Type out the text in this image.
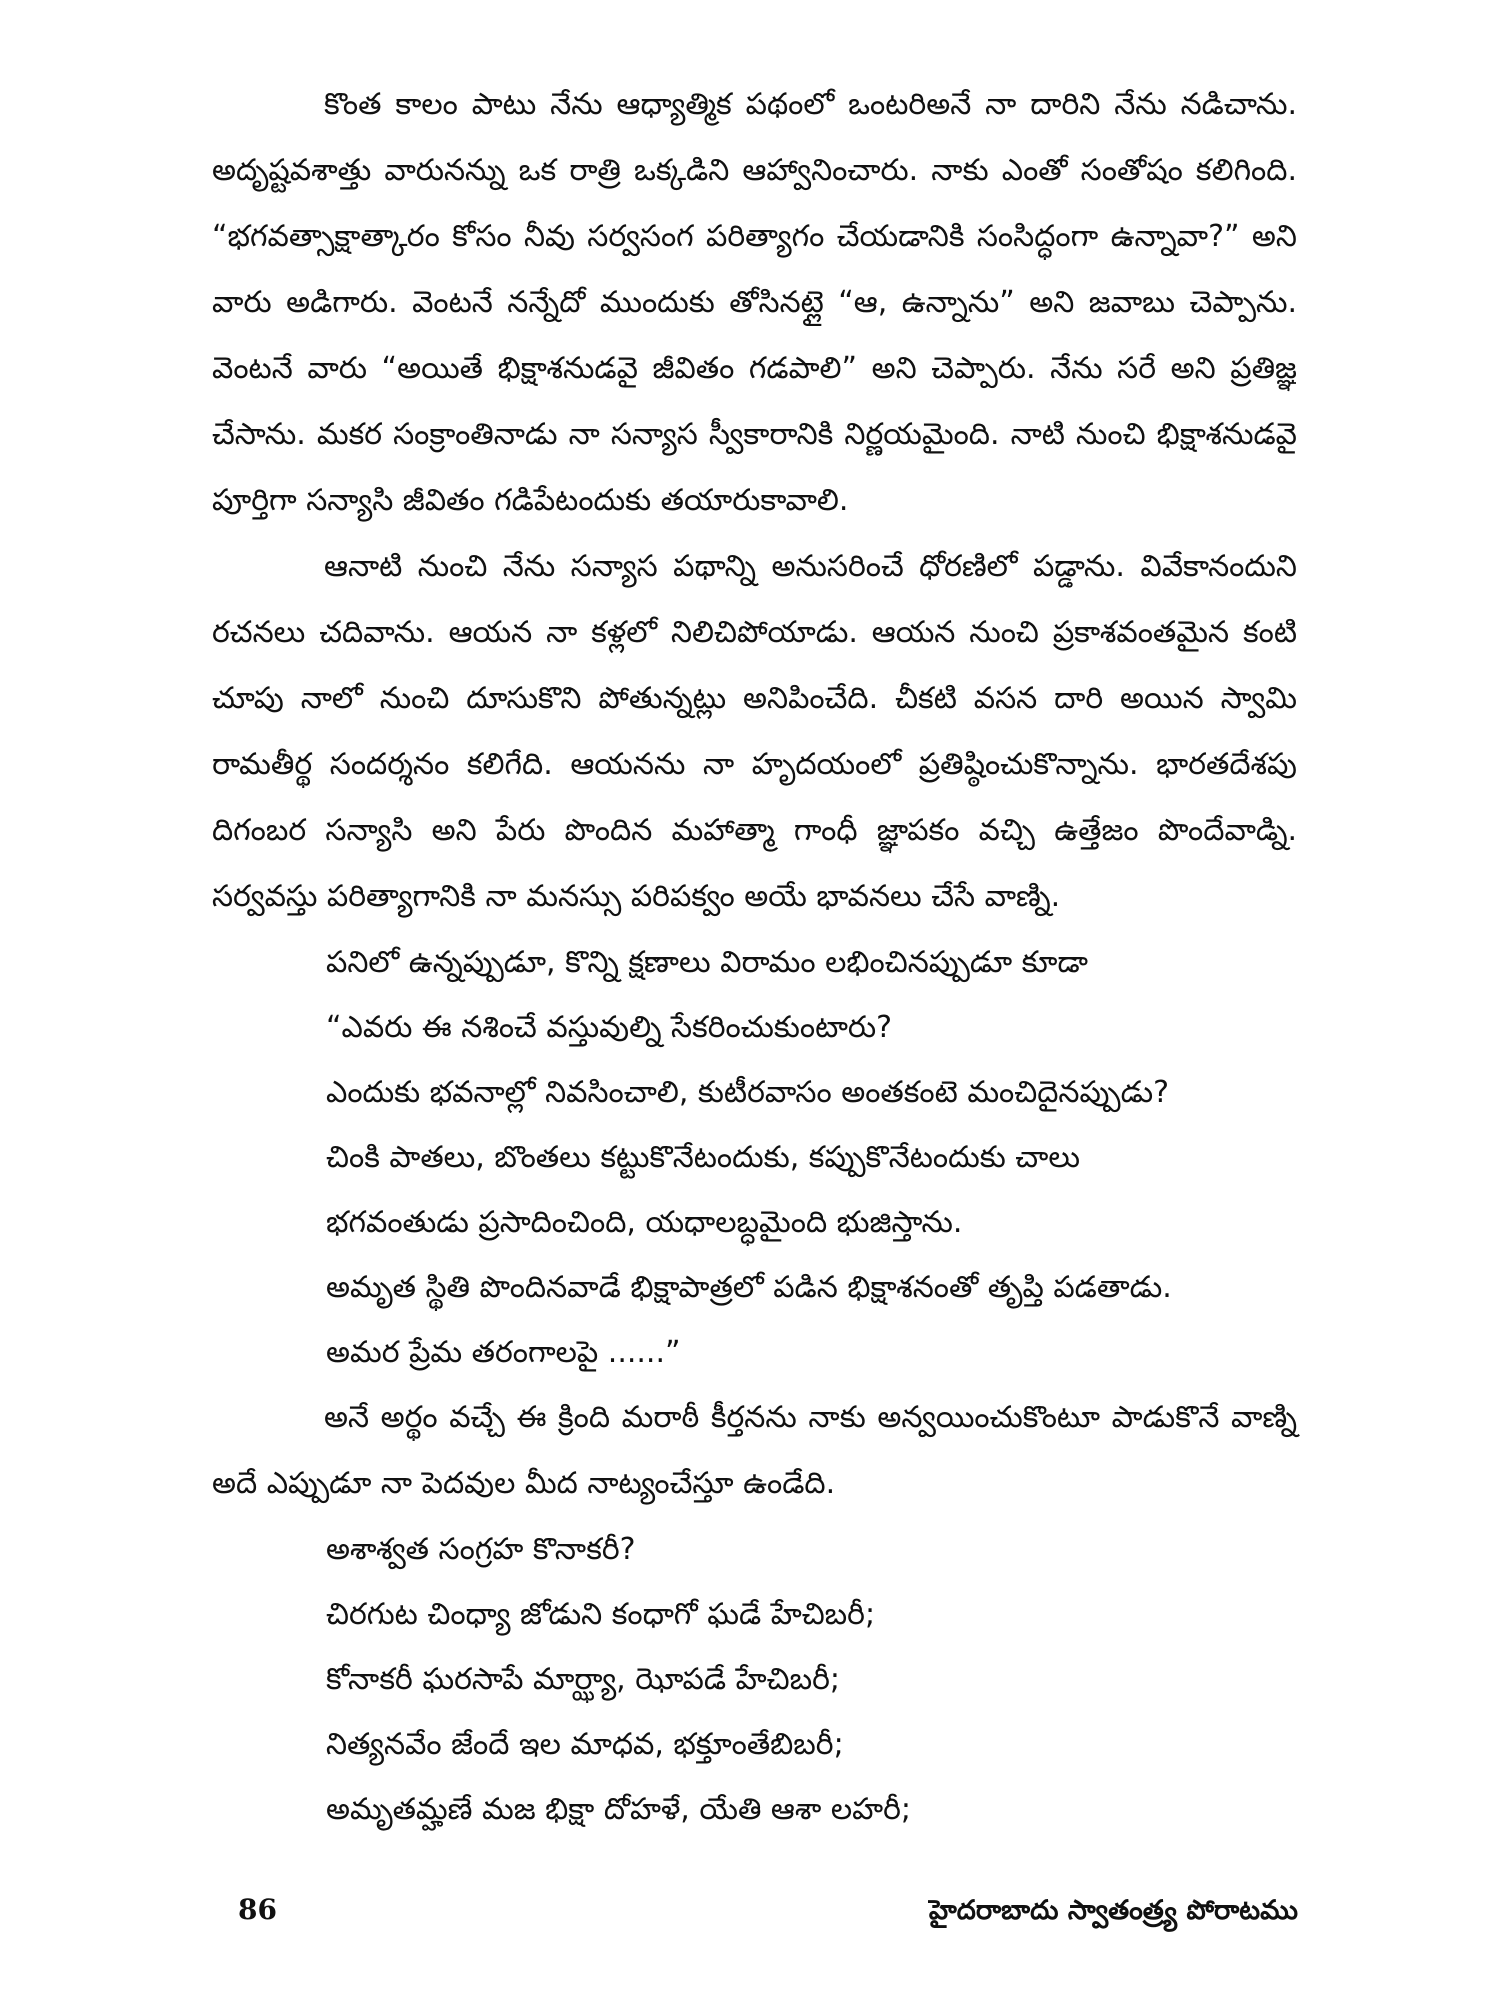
కొంత కాలం పాటు నేను ఆధ్యాత్మిక పథంలో ఒంటరిఅనే నా దారిని నేను నడిచాను. అదృష్టవశాత్తు వారునన్ను ఒక రాత్రి ఒక్కడిని ఆహ్వానించారు. నాకు ఎంతో సంతోషం కలిగింది. “భగవత్సాక్షాత్కారం కోసం నీవు సర్వసంగ పరిత్యాగం చేయడానికి సంసిద్ధంగా ఉన్నావా?” అని వారు అడిగారు. వెంటనే నన్నేదో ముందుకు తోసినట్లై “ఆ, ఉన్నాను” అని జవాబు చెప్పాను. వెంటనే వారు “అయితే భిక్షాశనుడవై జీవితం గడపాలి” అని చెప్పారు. నేను సరే అని ప్రతిజ్ఞ చేసాను. మకర సంక్రాంతినాడు నా సన్యాస స్వీకారానికి నిర్ణయమైంది. నాటి నుంచి భిక్షాశనుడవై పూర్తిగా సన్యాసి జీవితం గడిపేటందుకు తయారుకావాలి.

ఆనాటి నుంచి నేను సన్యాస పథాన్ని అనుసరించే ధోరణిలో పడ్డాను. వివేకానందుని రచనలు చదివాను. ఆయన నా కళ్లలో నిలిచిపోయాడు. ఆయన నుంచి ప్రకాశవంతమైన కంటి చూపు నాలో నుంచి దూసుకొని పోతున్నట్లు అనిపించేది. చీకటి వసన దారి అయిన స్వామి రామతీర్థ సందర్శనం కలిగేది. ఆయనను నా హృదయంలో ప్రతిష్ఠించుకొన్నాను. భారతదేశపు దిగంబర సన్యాసి అని పేరు పొందిన మహాత్మా గాంధీ జ్ఞాపకం వచ్చి ఉత్తేజం పొందేవాడ్ని. సర్వవస్తు పరిత్యాగానికి నా మనస్సు పరిపక్వం అయే భావనలు చేసే వాణ్ని.

పనిలో ఉన్నప్పుడూ, కొన్ని క్షణాలు విరామం లభించినప్పుడూ కూడా
“ఎవరు ఈ నశించే వస్తువుల్ని సేకరించుకుంటారు?
ఎందుకు భవనాల్లో నివసించాలి, కుటీరవాసం అంతకంటె మంచిదైనప్పుడు?
చింకి పాతలు, బొంతలు కట్టుకొనేటందుకు, కప్పుకొనేటందుకు చాలు
భగవంతుడు ప్రసాదించింది, యధాలబ్ధమైంది భుజిస్తాను.
అమృత స్థితి పొందినవాడే భిక్షాపాత్రలో పడిన భిక్షాశనంతో తృప్తి పడతాడు.
అమర ప్రేమ తరంగాలపై ......”

అనే అర్థం వచ్చే ఈ క్రింది మరాఠీ కీర్తనను నాకు అన్వయించుకొంటూ పాడుకొనే వాణ్ని అదే ఎప్పుడూ నా పెదవుల మీద నాట్యంచేస్తూ ఉండేది.

అశాశ్వత సంగ్రహ కొనాకరీ?
చిరగుట చింధ్యా జోడుని కంధాగో ఘడే హేచిబరీ;
కోనాకరీ ఘరసాపే మార్ఝ్యా, ఝోపడే హేచిబరీ;
నిత్యనవేం జేందే ఇల మాధవ, భక్తూంతేబిబరీ;
అమృతమ్హణే మజ భిక్షా దోహళే, యేతి ఆశా లహరీ;
86	హైదరాబాదు స్వాతంత్ర్య పోరాటము
